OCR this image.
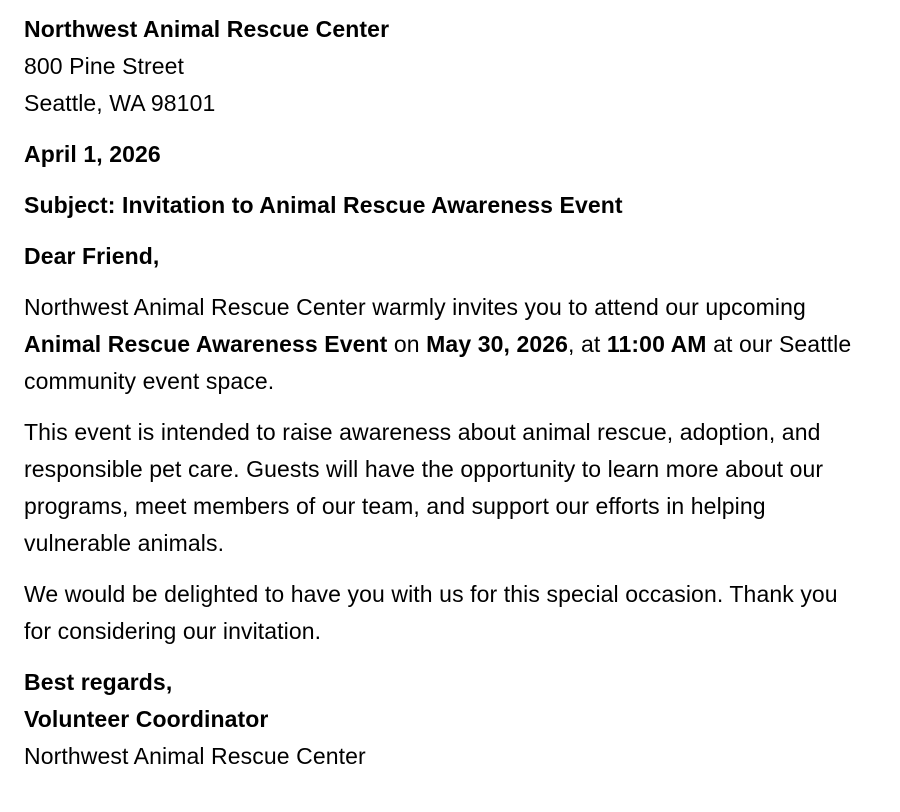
Northwest Animal Rescue Center

800 Pine Street

Seattle, WA 98101

April 1, 2026

Subject: Invitation to Animal Rescue Awareness Event

Dear Friend,

Northwest Animal Rescue Center warmly invites you to attend our upcoming

Animal Rescue Awareness Event on May 30, 2026, at 11:00 AM at our Seattle

community event space.

This event is intended to raise awareness about animal rescue, adoption, and

responsible pet care. Guests will have the opportunity to learn more about our

programs, meet members of our team, and support our efforts in helping

vulnerable animals.

We would be delighted to have you with us for this special occasion. Thank you

for considering our invitation.

Best regards,

Volunteer Coordinator

Northwest Animal Rescue Center
